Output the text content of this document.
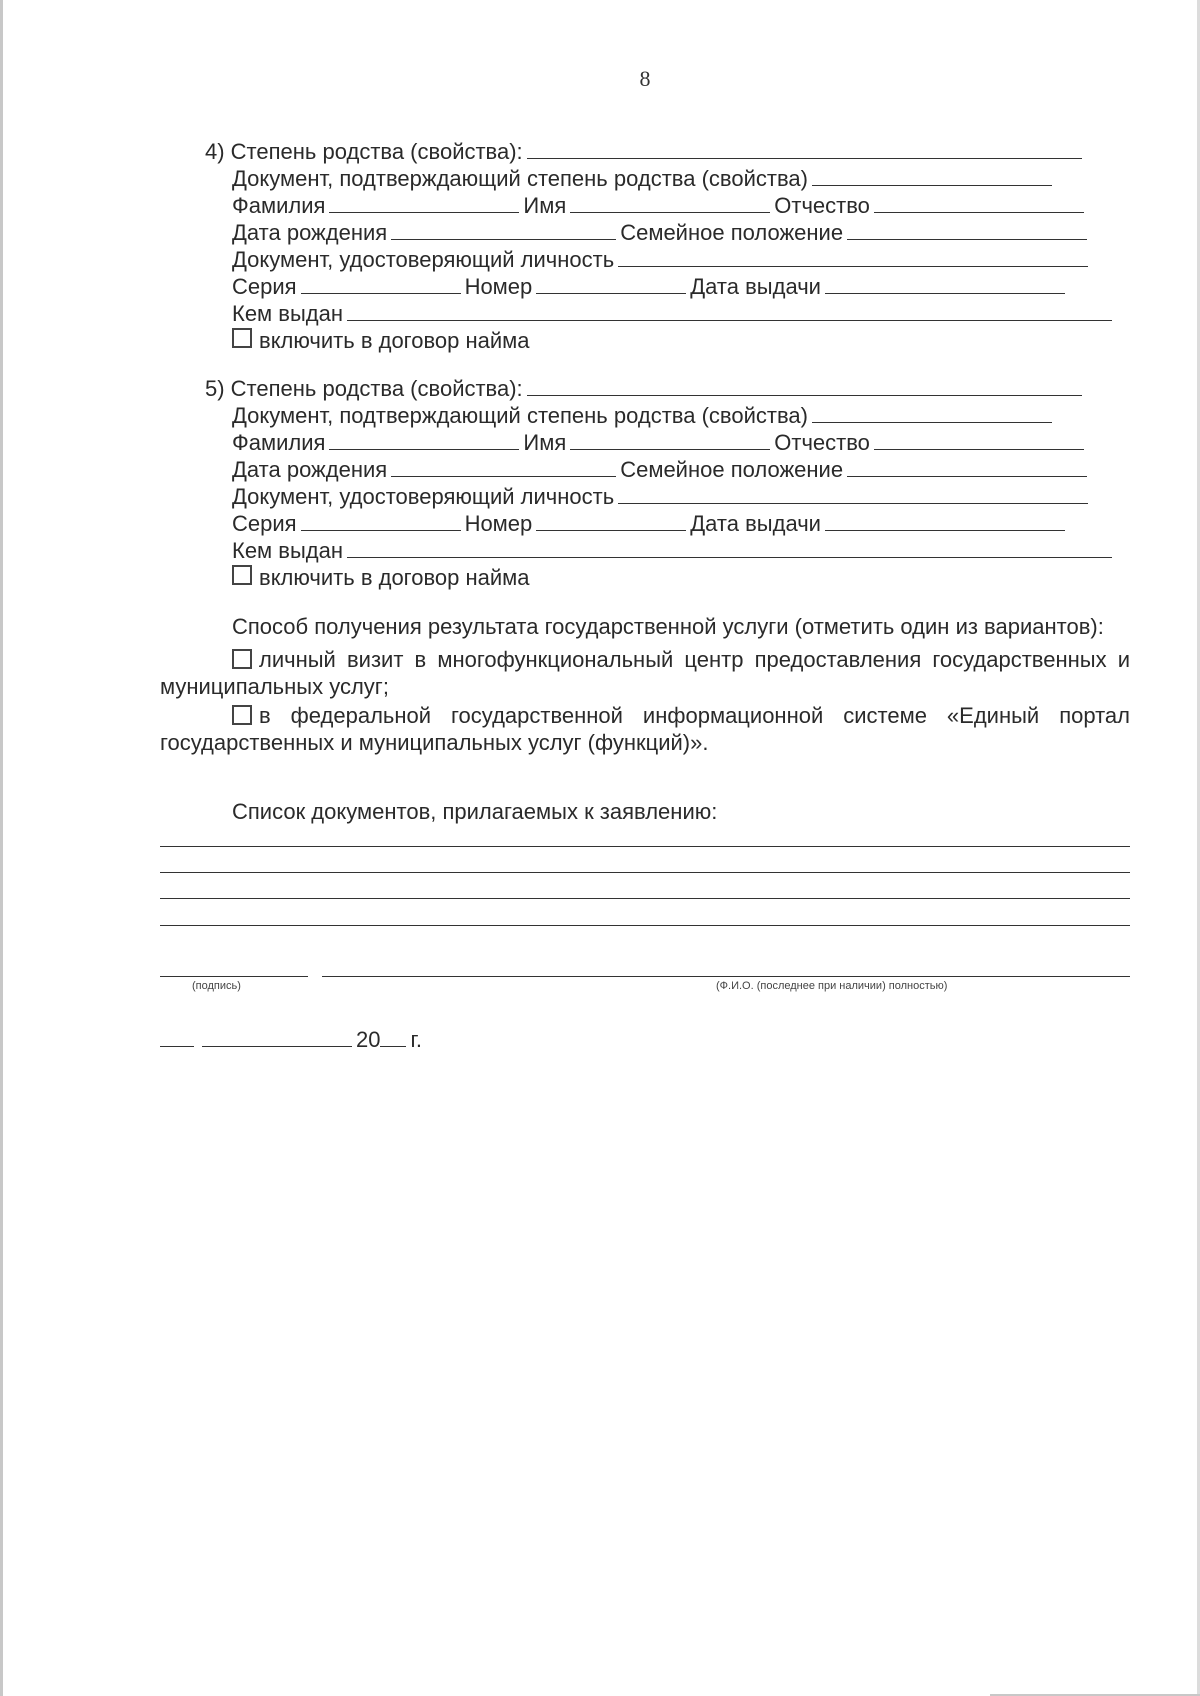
8
4) Степень родства (свойства):
Документ, подтверждающий степень родства (свойства)
Фамилия	Имя	Отчество
Дата рождения	Семейное положение
Документ, удостоверяющий личность
Серия	Номер	Дата выдачи
Кем выдан
включить в договор найма
5) Степень родства (свойства):
Документ, подтверждающий степень родства (свойства)
Фамилия	Имя	Отчество
Дата рождения	Семейное положение
Документ, удостоверяющий личность
Серия	Номер	Дата выдачи
Кем выдан
включить в договор найма
Способ получения результата государственной услуги (отметить один из вариантов):
личный визит в многофункциональный центр предоставления государственных и муниципальных услуг;
в федеральной государственной информационной системе «Единый портал государственных и муниципальных услуг (функций)».
Список документов, прилагаемых к заявлению:
(подпись)	(Ф.И.О. (последнее при наличии) полностью)
20 г.
